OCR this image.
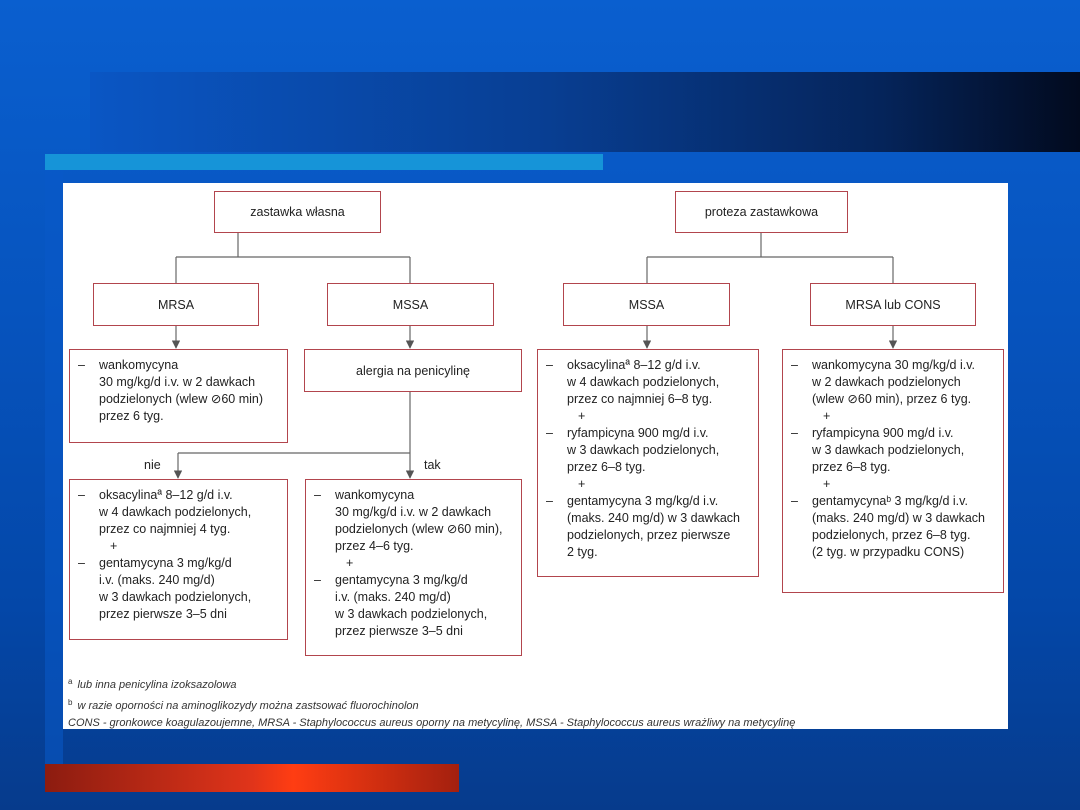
zastawka własna	proteza zastawkowa
MRSA	MSSA	MSSA	MRSA lub CONS
–	wankomycyna
30 mg/kg/d i.v. w 2 dawkach
podzielonych (wlew ⊘60 min)
przez 6 tyg.
alergia na penicylinę	–	oksacylinaª 8–12 g/d i.v.
w 4 dawkach podzielonych,
przez co najmniej 6–8 tyg.
+
–	ryfampicyna 900 mg/d i.v.
w 3 dawkach podzielonych,
przez 6–8 tyg.
+
–	gentamycyna 3 mg/kg/d i.v.
(maks. 240 mg/d) w 3 dawkach
podzielonych, przez pierwsze
2 tyg.
–	wankomycyna 30 mg/kg/d i.v.
w 2 dawkach podzielonych
(wlew ⊘60 min), przez 6 tyg.
+
–	ryfampicyna 900 mg/d i.v.
w 3 dawkach podzielonych,
przez 6–8 tyg.
+
–	gentamycynaᵇ 3 mg/kg/d i.v.
(maks. 240 mg/d) w 3 dawkach
podzielonych, przez 6–8 tyg.
(2 tyg. w przypadku CONS)
nie	tak
–	oksacylinaª 8–12 g/d i.v.
w 4 dawkach podzielonych,
przez co najmniej 4 tyg.
+
–	gentamycyna 3 mg/kg/d
i.v. (maks. 240 mg/d)
w 3 dawkach podzielonych,
przez pierwsze 3–5 dni
–	wankomycyna
30 mg/kg/d i.v. w 2 dawkach
podzielonych (wlew ⊘60 min),
przez 4–6 tyg.
+
–	gentamycyna 3 mg/kg/d
i.v. (maks. 240 mg/d)
w 3 dawkach podzielonych,
przez pierwsze 3–5 dni
$^a$ lub inna penicylina izoksazolowa
$^b$ w razie oporności na aminoglikozydy można zastsować fluorochinolon
CONS - gronkowce koagulazoujemne, MRSA - Staphylococcus aureus oporny na metycylinę, MSSA - Staphylococcus aureus wrażliwy na metycylinę
